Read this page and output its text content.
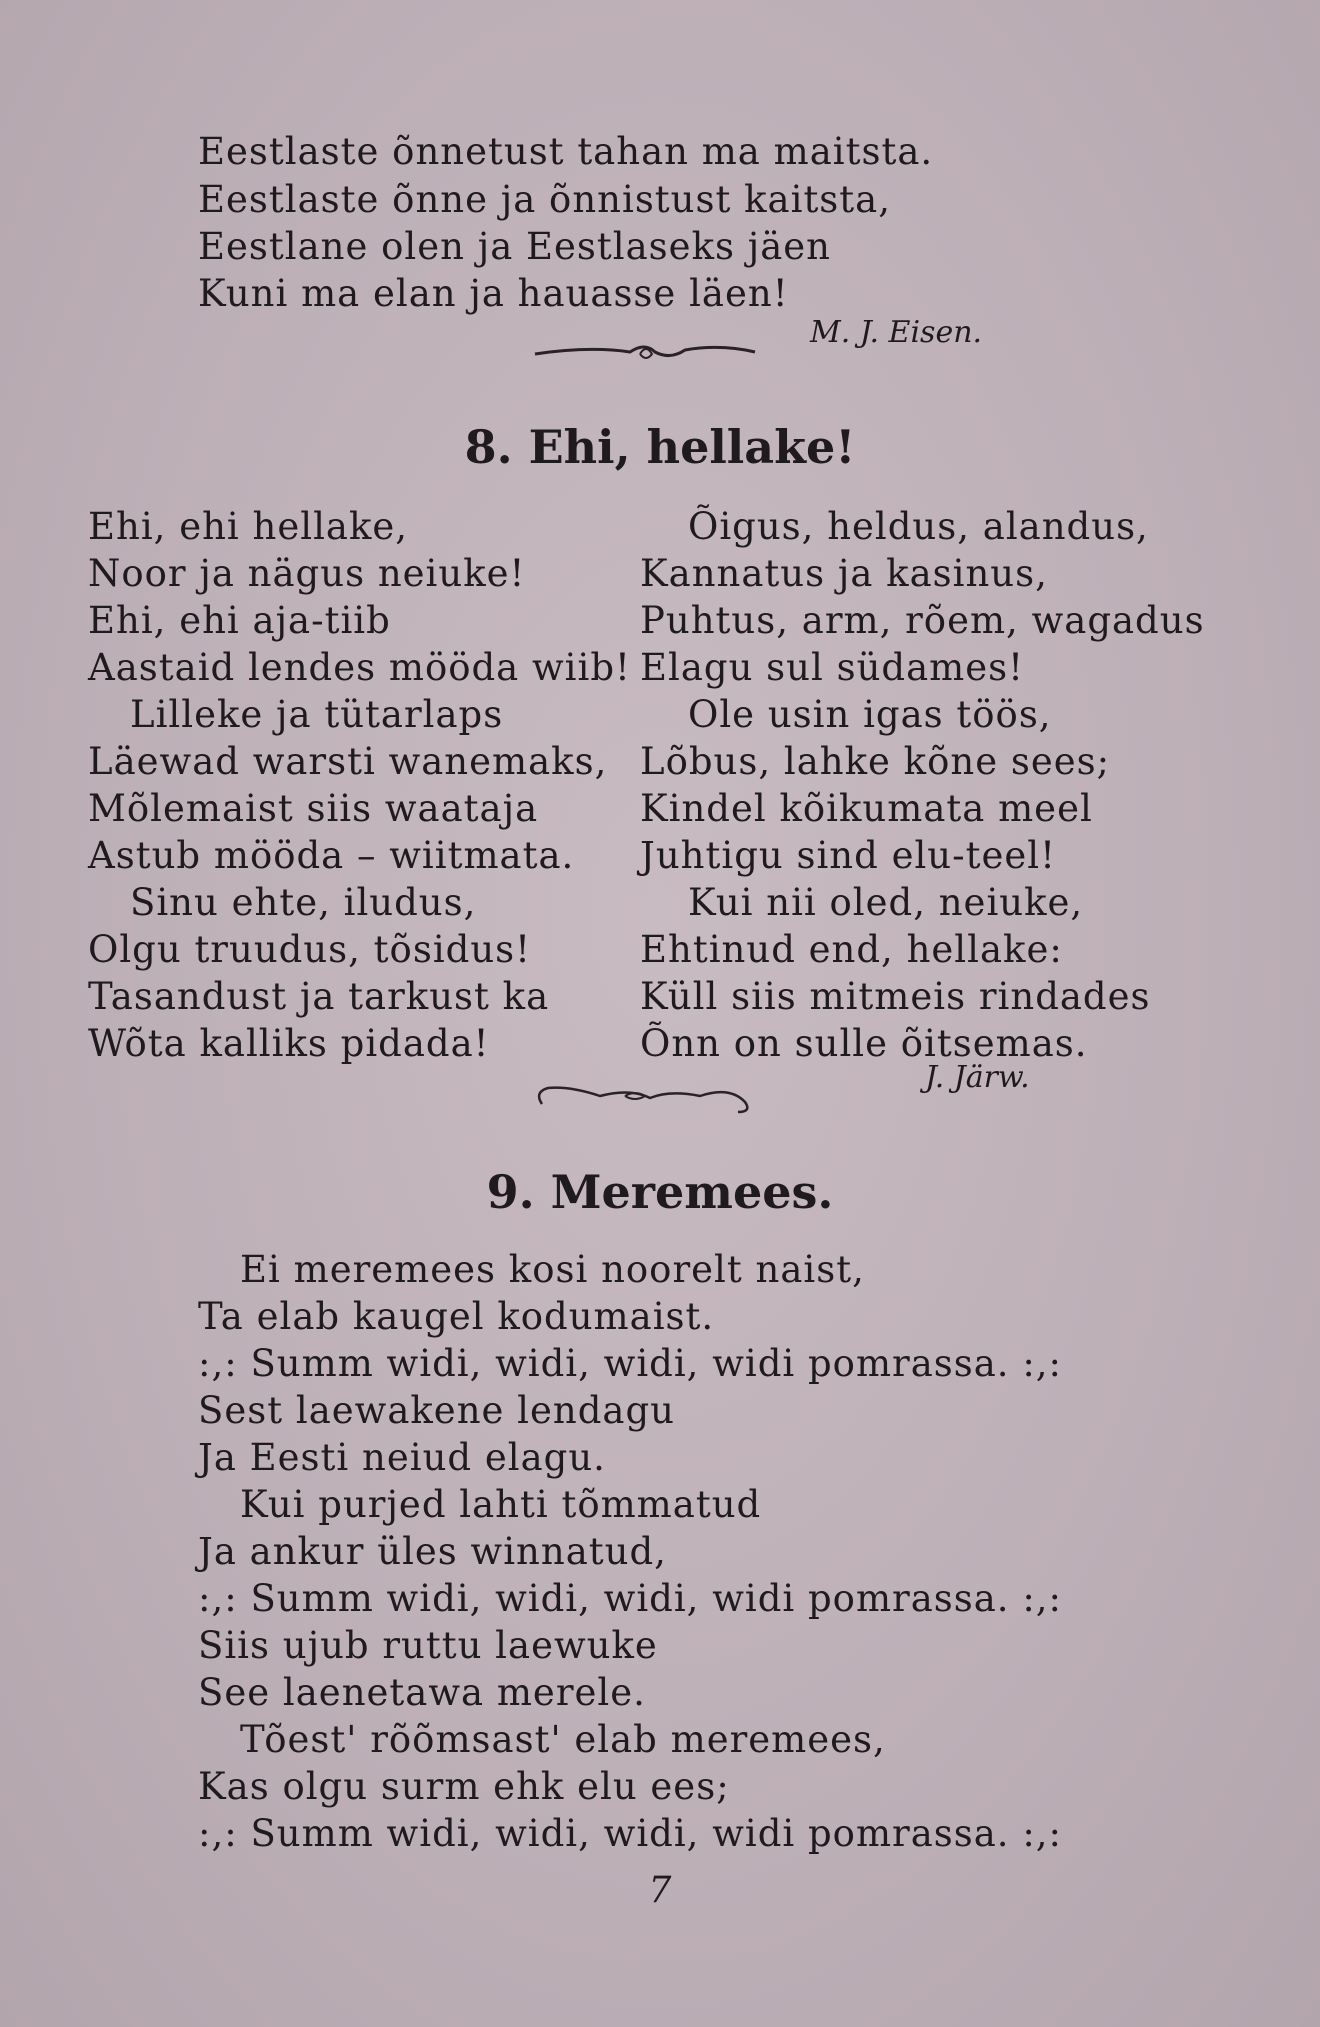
Eestlaste õnnetust tahan ma maitsta.
Eestlaste õnne ja õnnistust kaitsta,
Eestlane olen ja Eestlaseks jäen
Kuni ma elan ja hauasse läen!
M. J. Eisen.
8. Ehi, hellake!
Ehi, ehi hellake,
Noor ja nägus neiuke!
Ehi, ehi aja-tiib
Aastaid lendes mööda wiib!
Lilleke ja tütarlaps
Läewad warsti wanemaks,
Mõlemaist siis waataja
Astub mööda – wiitmata.
Sinu ehte, iludus,
Olgu truudus, tõsidus!
Tasandust ja tarkust ka
Wõta kalliks pidada!
Õigus, heldus, alandus,
Kannatus ja kasinus,
Puhtus, arm, rõem, wagadus
Elagu sul südames!
Ole usin igas töös,
Lõbus, lahke kõne sees;
Kindel kõikumata meel
Juhtigu sind elu-teel!
Kui nii oled, neiuke,
Ehtinud end, hellake:
Küll siis mitmeis rindades
Õnn on sulle õitsemas.
J. Järw.
9. Meremees.
Ei meremees kosi noorelt naist,
Ta elab kaugel kodumaist.
:,: Summ widi, widi, widi, widi pomrassa. :,:
Sest laewakene lendagu
Ja Eesti neiud elagu.
Kui purjed lahti tõmmatud
Ja ankur üles winnatud,
:,: Summ widi, widi, widi, widi pomrassa. :,:
Siis ujub ruttu laewuke
See laenetawa merele.
Tõest' rõõmsast' elab meremees,
Kas olgu surm ehk elu ees;
:,: Summ widi, widi, widi, widi pomrassa. :,:
7
